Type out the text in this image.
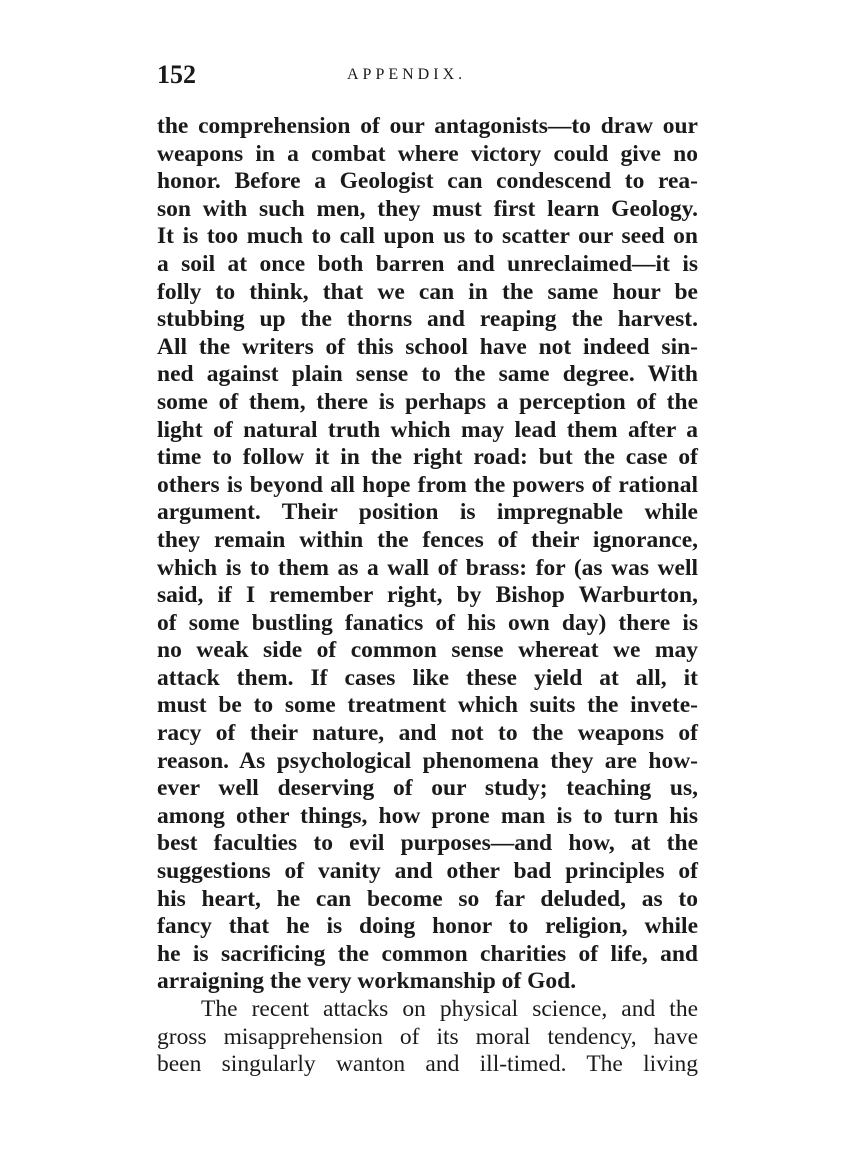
152	APPENDIX.
the comprehension of our antagonists—to draw our
weapons in a combat where victory could give no
honor. Before a Geologist can condescend to rea-
son with such men, they must first learn Geology.
It is too much to call upon us to scatter our seed on
a soil at once both barren and unreclaimed—it is
folly to think, that we can in the same hour be
stubbing up the thorns and reaping the harvest.
All the writers of this school have not indeed sin-
ned against plain sense to the same degree. With
some of them, there is perhaps a perception of the
light of natural truth which may lead them after a
time to follow it in the right road: but the case of
others is beyond all hope from the powers of rational
argument. Their position is impregnable while
they remain within the fences of their ignorance,
which is to them as a wall of brass: for (as was well
said, if I remember right, by Bishop Warburton,
of some bustling fanatics of his own day) there is
no weak side of common sense whereat we may
attack them. If cases like these yield at all, it
must be to some treatment which suits the invete-
racy of their nature, and not to the weapons of
reason. As psychological phenomena they are how-
ever well deserving of our study; teaching us,
among other things, how prone man is to turn his
best faculties to evil purposes—and how, at the
suggestions of vanity and other bad principles of
his heart, he can become so far deluded, as to
fancy that he is doing honor to religion, while
he is sacrificing the common charities of life, and
arraigning the very workmanship of God.
The recent attacks on physical science, and the
gross misapprehension of its moral tendency, have
been singularly wanton and ill-timed. The living
